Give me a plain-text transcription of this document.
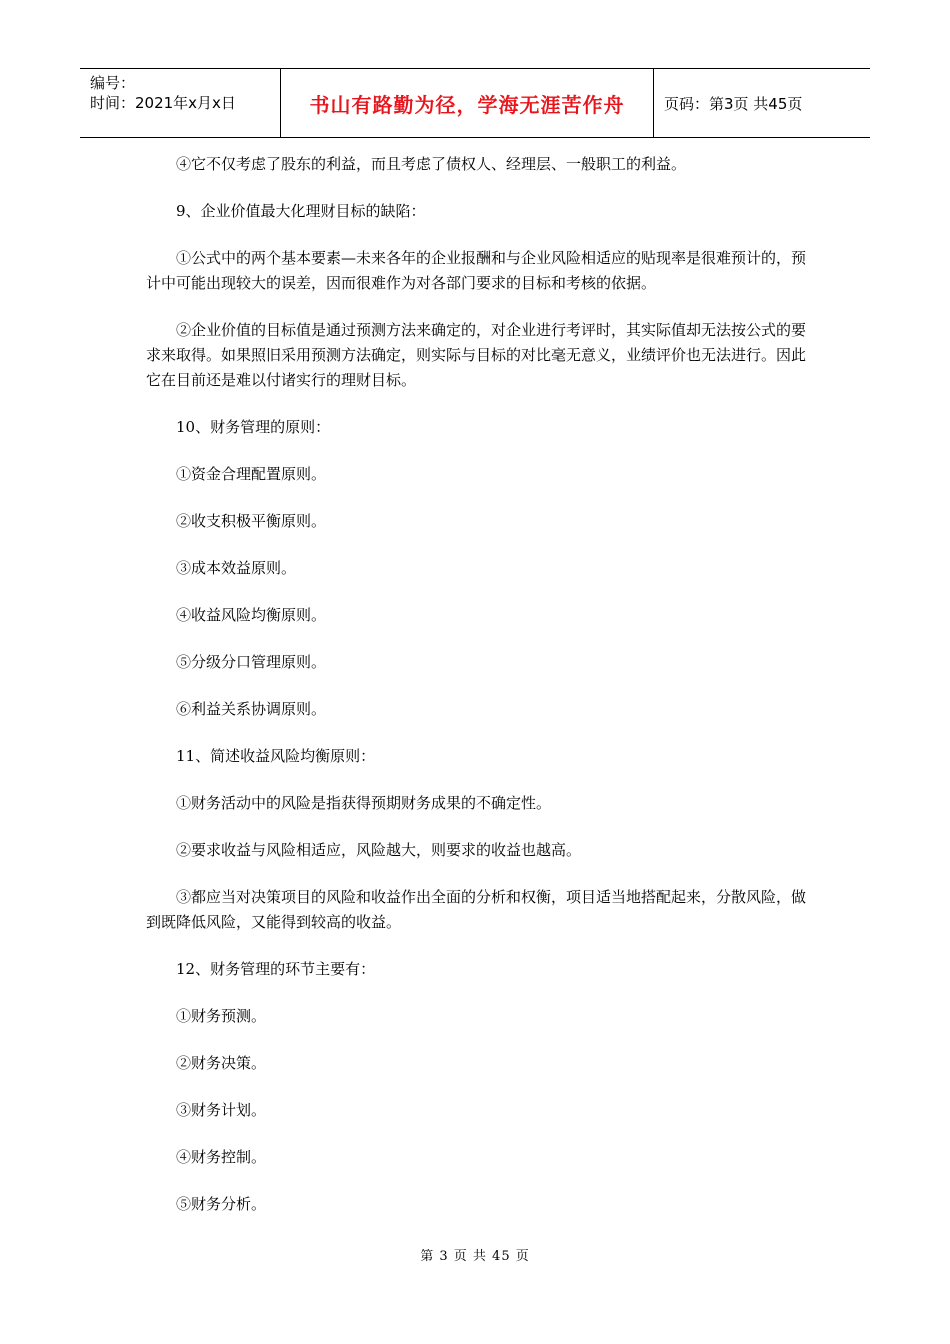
编号：
时间：2021年x月x日	书山有路勤为径，学海无涯苦作舟	页码：第3页 共45页

④它不仅考虑了股东的利益，而且考虑了债权人、经理层、一般职工的利益。

9、企业价值最大化理财目标的缺陷：

①公式中的两个基本要素—未来各年的企业报酬和与企业风险相适应的贴现率是很难预计的，预计中可能出现较大的误差，因而很难作为对各部门要求的目标和考核的依据。

②企业价值的目标值是通过预测方法来确定的，对企业进行考评时，其实际值却无法按公式的要求来取得。如果照旧采用预测方法确定，则实际与目标的对比毫无意义，业绩评价也无法进行。因此它在目前还是难以付诸实行的理财目标。

10、财务管理的原则：

①资金合理配置原则。

②收支积极平衡原则。

③成本效益原则。

④收益风险均衡原则。

⑤分级分口管理原则。

⑥利益关系协调原则。

11、简述收益风险均衡原则：

①财务活动中的风险是指获得预期财务成果的不确定性。

②要求收益与风险相适应，风险越大，则要求的收益也越高。

③都应当对决策项目的风险和收益作出全面的分析和权衡，项目适当地搭配起来，分散风险，做到既降低风险，又能得到较高的收益。

12、财务管理的环节主要有：

①财务预测。

②财务决策。

③财务计划。

④财务控制。

⑤财务分析。

第 3 页 共 45 页
